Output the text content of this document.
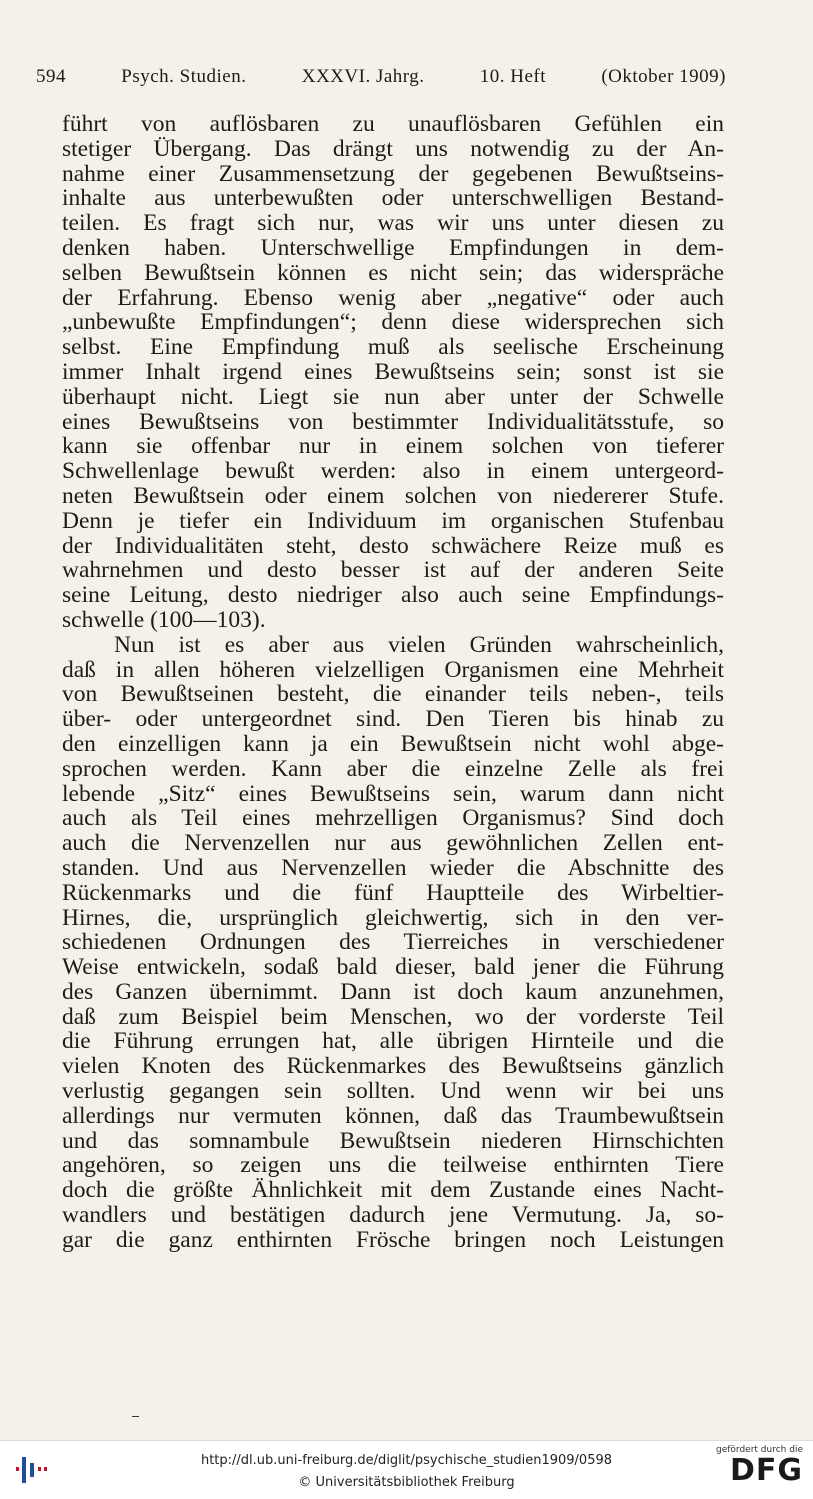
594	Psych. Studien.	XXXVI. Jahrg.	10. Heft	(Oktober 1909)
führt von auflösbaren zu unauflösbaren Gefühlen ein
stetiger Übergang. Das drängt uns notwendig zu der An-
nahme einer Zusammensetzung der gegebenen Bewußtseins-
inhalte aus unterbewußten oder unterschwelligen Bestand-
teilen. Es fragt sich nur, was wir uns unter diesen zu
denken haben. Unterschwellige Empfindungen in dem-
selben Bewußtsein können es nicht sein; das widerspräche
der Erfahrung. Ebenso wenig aber „negative“ oder auch
„unbewußte Empfindungen“; denn diese widersprechen sich
selbst. Eine Empfindung muß als seelische Erscheinung
immer Inhalt irgend eines Bewußtseins sein; sonst ist sie
überhaupt nicht. Liegt sie nun aber unter der Schwelle
eines Bewußtseins von bestimmter Individualitätsstufe, so
kann sie offenbar nur in einem solchen von tieferer
Schwellenlage bewußt werden: also in einem untergeord-
neten Bewußtsein oder einem solchen von niedererer Stufe.
Denn je tiefer ein Individuum im organischen Stufenbau
der Individualitäten steht, desto schwächere Reize muß es
wahrnehmen und desto besser ist auf der anderen Seite
seine Leitung, desto niedriger also auch seine Empfindungs-
schwelle (100—103).
Nun ist es aber aus vielen Gründen wahrscheinlich,
daß in allen höheren vielzelligen Organismen eine Mehrheit
von Bewußtseinen besteht, die einander teils neben-, teils
über- oder untergeordnet sind. Den Tieren bis hinab zu
den einzelligen kann ja ein Bewußtsein nicht wohl abge-
sprochen werden. Kann aber die einzelne Zelle als frei
lebende „Sitz“ eines Bewußtseins sein, warum dann nicht
auch als Teil eines mehrzelligen Organismus? Sind doch
auch die Nervenzellen nur aus gewöhnlichen Zellen ent-
standen. Und aus Nervenzellen wieder die Abschnitte des
Rückenmarks und die fünf Hauptteile des Wirbeltier-
Hirnes, die, ursprünglich gleichwertig, sich in den ver-
schiedenen Ordnungen des Tierreiches in verschiedener
Weise entwickeln, sodaß bald dieser, bald jener die Führung
des Ganzen übernimmt. Dann ist doch kaum anzunehmen,
daß zum Beispiel beim Menschen, wo der vorderste Teil
die Führung errungen hat, alle übrigen Hirnteile und die
vielen Knoten des Rückenmarkes des Bewußtseins gänzlich
verlustig gegangen sein sollten. Und wenn wir bei uns
allerdings nur vermuten können, daß das Traumbewußtsein
und das somnambule Bewußtsein niederen Hirnschichten
angehören, so zeigen uns die teilweise enthirnten Tiere
doch die größte Ähnlichkeit mit dem Zustande eines Nacht-
wandlers und bestätigen dadurch jene Vermutung. Ja, so-
gar die ganz enthirnten Frösche bringen noch Leistungen
http://dl.ub.uni-freiburg.de/diglit/psychische_studien1909/0598
© Universitätsbibliothek Freiburg
gefördert durch die
DFG
